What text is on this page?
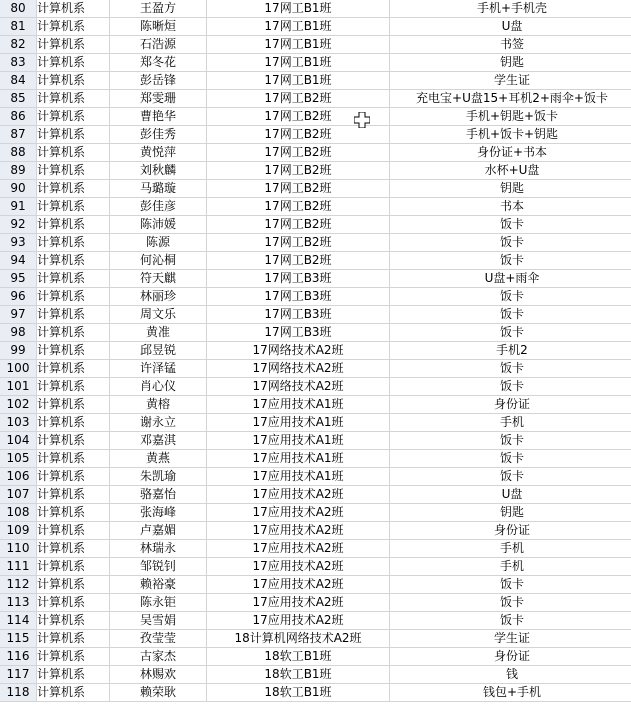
80	计算机系	王盈方	17网工B1班	手机+手机壳
81	计算机系	陈晰烜	17网工B1班	U盘
82	计算机系	石浩源	17网工B1班	书签
83	计算机系	郑冬花	17网工B1班	钥匙
84	计算机系	彭岳锋	17网工B1班	学生证
85	计算机系	郑雯珊	17网工B2班	充电宝+U盘15+耳机2+雨伞+饭卡
86	计算机系	曹艳华	17网工B2班	手机+钥匙+饭卡
87	计算机系	彭佳秀	17网工B2班	手机+饭卡+钥匙
88	计算机系	黄悦萍	17网工B2班	身份证+书本
89	计算机系	刘秋麟	17网工B2班	水杯+U盘
90	计算机系	马璐璇	17网工B2班	钥匙
91	计算机系	彭佳彦	17网工B2班	书本
92	计算机系	陈沛媛	17网工B2班	饭卡
93	计算机系	陈源	17网工B2班	饭卡
94	计算机系	何沁桐	17网工B2班	饭卡
95	计算机系	符天麒	17网工B3班	U盘+雨伞
96	计算机系	林丽珍	17网工B3班	饭卡
97	计算机系	周文乐	17网工B3班	饭卡
98	计算机系	黄准	17网工B3班	饭卡
99	计算机系	邱昱锐	17网络技术A2班	手机2
100	计算机系	许泽锰	17网络技术A2班	饭卡
101	计算机系	肖心仪	17网络技术A2班	饭卡
102	计算机系	黄榕	17应用技术A1班	身份证
103	计算机系	谢永立	17应用技术A1班	手机
104	计算机系	邓嘉淇	17应用技术A1班	饭卡
105	计算机系	黄燕	17应用技术A1班	饭卡
106	计算机系	朱凯瑜	17应用技术A1班	饭卡
107	计算机系	骆嘉怡	17应用技术A2班	U盘
108	计算机系	张海峰	17应用技术A2班	钥匙
109	计算机系	卢嘉媚	17应用技术A2班	身份证
110	计算机系	林瑞永	17应用技术A2班	手机
111	计算机系	邹锐钊	17应用技术A2班	手机
112	计算机系	赖裕豪	17应用技术A2班	饭卡
113	计算机系	陈永钜	17应用技术A2班	饭卡
114	计算机系	吴雪娟	17应用技术A2班	饭卡
115	计算机系	孜莹莹	18计算机网络技术A2班	学生证
116	计算机系	古家杰	18软工B1班	身份证
117	计算机系	林赐欢	18软工B1班	钱
118	计算机系	赖荣耿	18软工B1班	钱包+手机
